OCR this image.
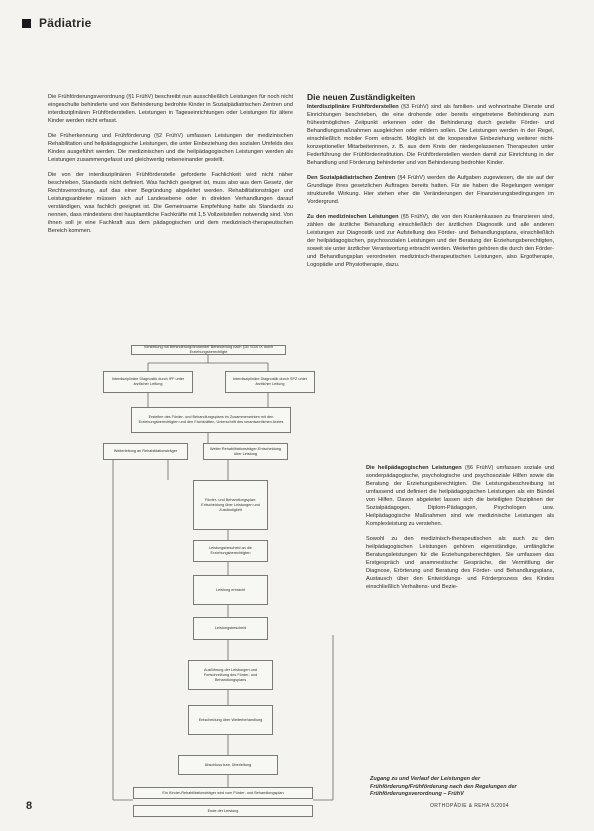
Pädiatrie

Die Frühförderungsverordnung (§1 FrühV) beschreibt nun ausschließlich Leistungen für noch nicht eingeschulte behinderte und von Behinderung bedrohte Kinder in Sozialpädiatrischen Zentren und interdisziplinären Frühförderstellen. Leistungen in Tageseinrichtungen oder Leistungen für ältere Kinder werden nicht erfasst.

Die Früherkennung und Frühförderung (§2 FrühV) umfassen Leistungen der medizinischen Rehabilitation und heilpädagogische Leistungen, die unter Einbeziehung des sozialen Umfelds des Kindes ausgeführt werden. Die medizinischen und die heilpädagogischen Leistungen werden als Leistungen zusammengefasst und gleichwertig nebeneinander gestellt.

Die von der interdisziplinären Frühförderstelle geforderte Fachlichkeit wird nicht näher beschrieben, Standards nicht definiert. Was fachlich geeignet ist, muss also aus dem Gesetz, der Rechtsverordnung, auf das einer Begründung abgeleitet werden. Rehabilitationsträger und Leistungsanbieter müssen sich auf Landesebene oder in direkten Verhandlungen darauf verständigen, was fachlich geeignet ist. Die Gemeinsame Empfehlung hatte als Standards zu nennen, dass mindestens drei hauptamtliche Fachkräfte mit 1,5 Vollzeitstellen notwendig sind. Von ihnen soll je eine Fachkraft aus dem pädagogischen und dem medizinisch-therapeutischen Bereich kommen.

Die neuen Zuständigkeiten

Interdisziplinäre Frühförderstellen (§3 FrühV) sind als familien- und wohnortnahe Dienste und Einrichtungen beschrieben, die eine drohende oder bereits eingetretene Behinderung zum frühestmöglichen Zeitpunkt erkennen oder die Behinderung durch gezielte Förder- und Behandlungsmaßnahmen ausgleichen oder mildern sollen. Die Leistungen werden in der Regel, einschließlich mobiler Form erbracht. Möglich ist die kooperative Einbeziehung weiterer nicht-konzeptioneller Mitarbeiterinnen, z. B. aus dem Kreis der niedergelassenen Therapeuten unter Federführung der Frühförderinstitution. Die Frühförderstellen werden damit zur Einrichtung in der Behandlung und Förderung behinderter und von Behinderung bedrohter Kinder.

Den Sozialpädiatrischen Zentren (§4 FrühV) werden die Aufgaben zugewiesen, die sie auf der Grundlage ihres gesetzlichen Auftrages bereits hatten. Für sie haben die Regelungen weniger strukturelle Wirkung. Hier stehen eher die Veränderungen der Finanzierungsbedingungen im Vordergrund.

Zu den medizinischen Leistungen (§5 FrühV), die von den Krankenkassen zu finanzieren sind, zählen die ärztliche Behandlung einschließlich der ärztlichen Diagnostik und alle anderen Leistungen zur Diagnostik und zur Aufstellung des Förder- und Behandlungsplans, einschließlich der heilpädagogischen, psychosozialen Leistungen und der Beratung der Erziehungsberechtigten, soweit sie unter ärztlicher Verantwortung erbracht werden. Weiterhin gehören die durch den Förder- und Behandlungsplan verordneten medizinisch-therapeutischen Leistungen, also Ergotherapie, Logopädie und Physiotherapie, dazu.

Die heilpädagogischen Leistungen (§6 FrühV) umfassen soziale und sonderpädagogische, psychologische und psychosoziale Hilfen sowie die Beratung der Erziehungsberechtigten. Die Leistungsbeschreibung ist umfassend und definiert die heilpädagogischen Leistungen als ein Bündel von Hilfen. Davon abgeleitet lassen sich die beteiligten Disziplinen der Sozialpädagogen, Diplom-Pädagogen, Psychologen usw. Heilpädagogische Maßnahmen sind wie medizinische Leistungen als Komplexleistung zu verstehen.

Sowohl zu den medizinisch-therapeutischen als auch zu den heilpädagogischen Leistungen gehören eigenständige, umfängliche Beratungsleistungen für die Erziehungsberechtigten. Sie umfassen das Erstgespräch und anamnestische Gespräche, die Vermittlung der Diagnose, Erörterung und Beratung des Förder- und Behandlungsplans, Austausch über den Entwicklungs- und Förderprozess des Kindes einschließlich Verhaltens- und Bezie-

Vorstellung mit Behinderung/drohender Behinderung nach §30 SGB IX durch Erziehungsberechtigte
Interdisziplinäre Diagnostik durch IFF unter ärztlicher Leitung
Interdisziplinäre Diagnostik durch SPZ unter ärztlicher Leitung
Erstellen des Förder- und Behandlungsplans im Zusammenwirken mit den Erziehungsberechtigten und den Fachkräften, Unterschrift des verantwortlichen Arztes
Weiterleitung an Rehabilitationsträger
Weiter Rehabilitationsträger-Entscheidung über Leistung
Förder- und Behandlungsplan: Entscheidung über Leistungen und Zuständigkeit
Leistungsbescheid an die Erziehungsberechtigten
Leistung erbracht
Leistungsbescheid
Ausführung der Leistungen und Fortschreibung des Förder- und Behandlungsplans
Entscheidung über Weiterbehandlung
Abschluss bzw. Überleitung
Ein Kinder-Rehabilitationsträger wird vom Förder- und Behandlungsplan
Ende der Leistung
Zugang zu und Verlauf der Leistungen der Frühförderung/Frühförderung nach den Regelungen der Frühförderungsverordnung – FrühV
8	ORTHOPÄDIE & REHA 5/2004
